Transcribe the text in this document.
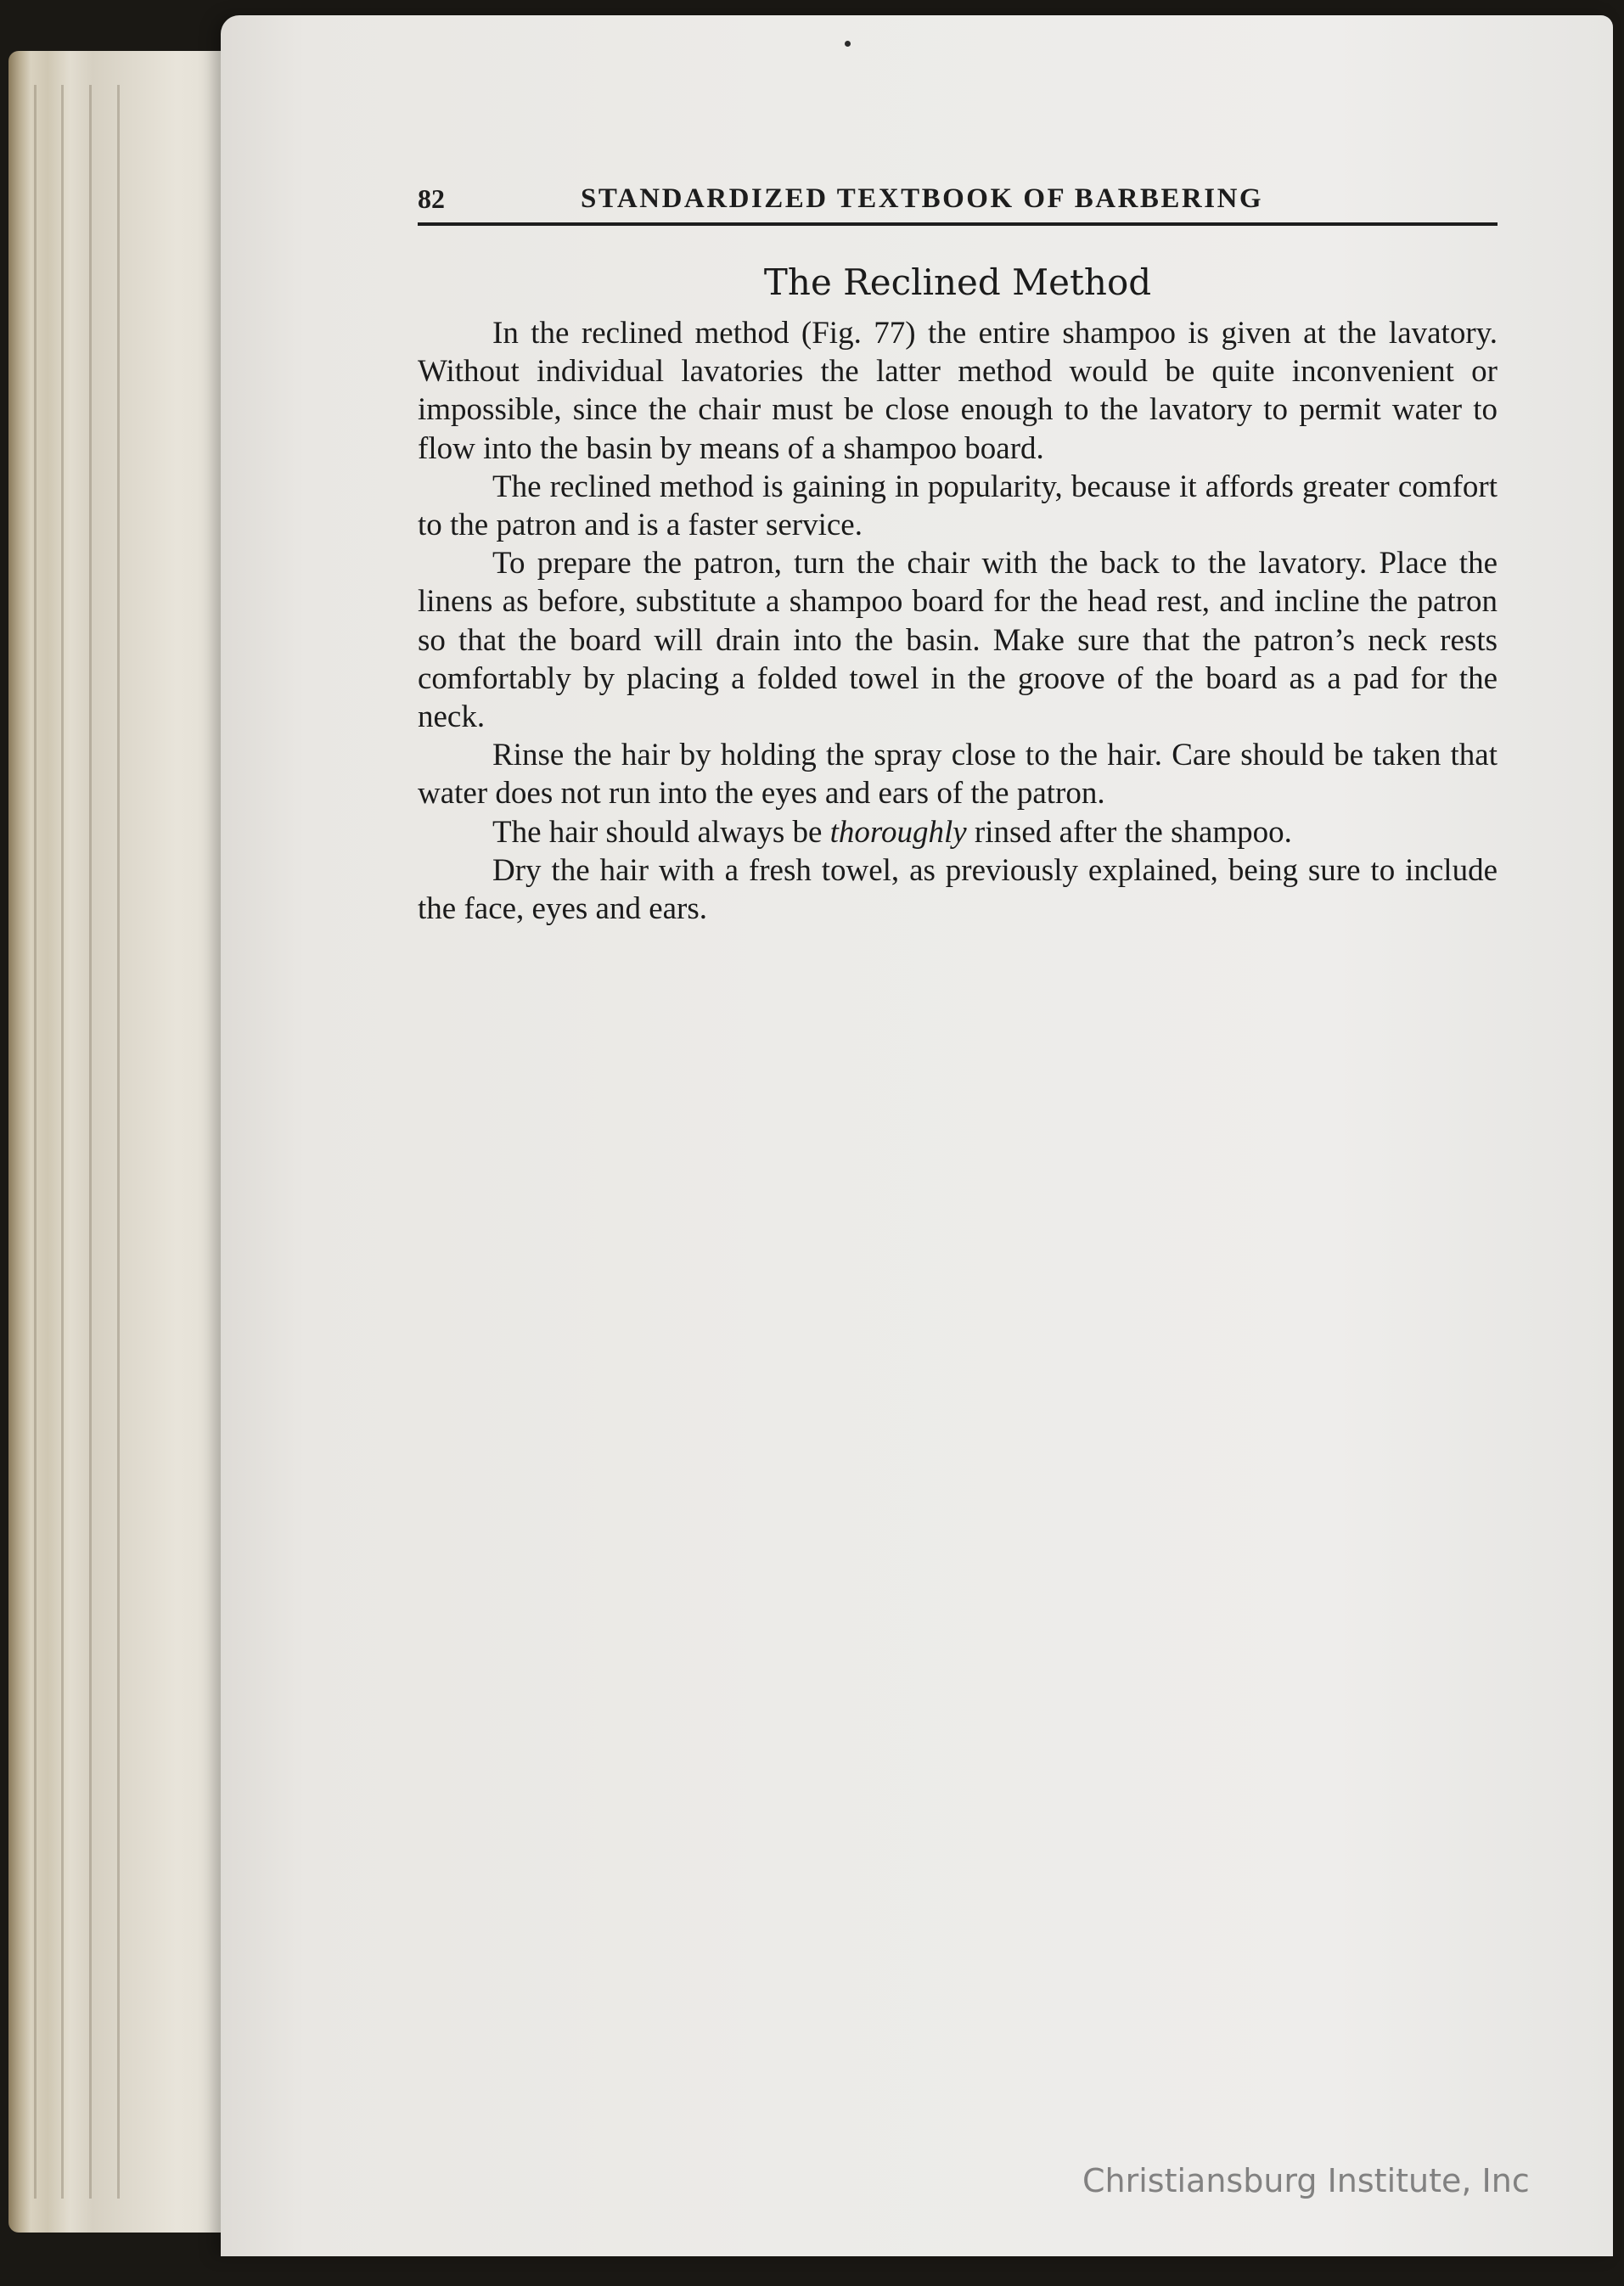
82	STANDARDIZED TEXTBOOK OF BARBERING
The Reclined Method

In the reclined method (Fig. 77) the entire shampoo is given at the lavatory. Without individual lavatories the latter method would be quite inconvenient or impossible, since the chair must be close enough to the lavatory to permit water to flow into the basin by means of a shampoo board.

The reclined method is gaining in popularity, because it affords greater comfort to the patron and is a faster service.

To prepare the patron, turn the chair with the back to the lavatory. Place the linens as before, substitute a shampoo board for the head rest, and incline the patron so that the board will drain into the basin. Make sure that the patron’s neck rests comfortably by placing a folded towel in the groove of the board as a pad for the neck.

Rinse the hair by holding the spray close to the hair. Care should be taken that water does not run into the eyes and ears of the patron.

The hair should always be thoroughly rinsed after the shampoo.

Dry the hair with a fresh towel, as previously explained, being sure to include the face, eyes and ears.

Christiansburg Institute, Inc
